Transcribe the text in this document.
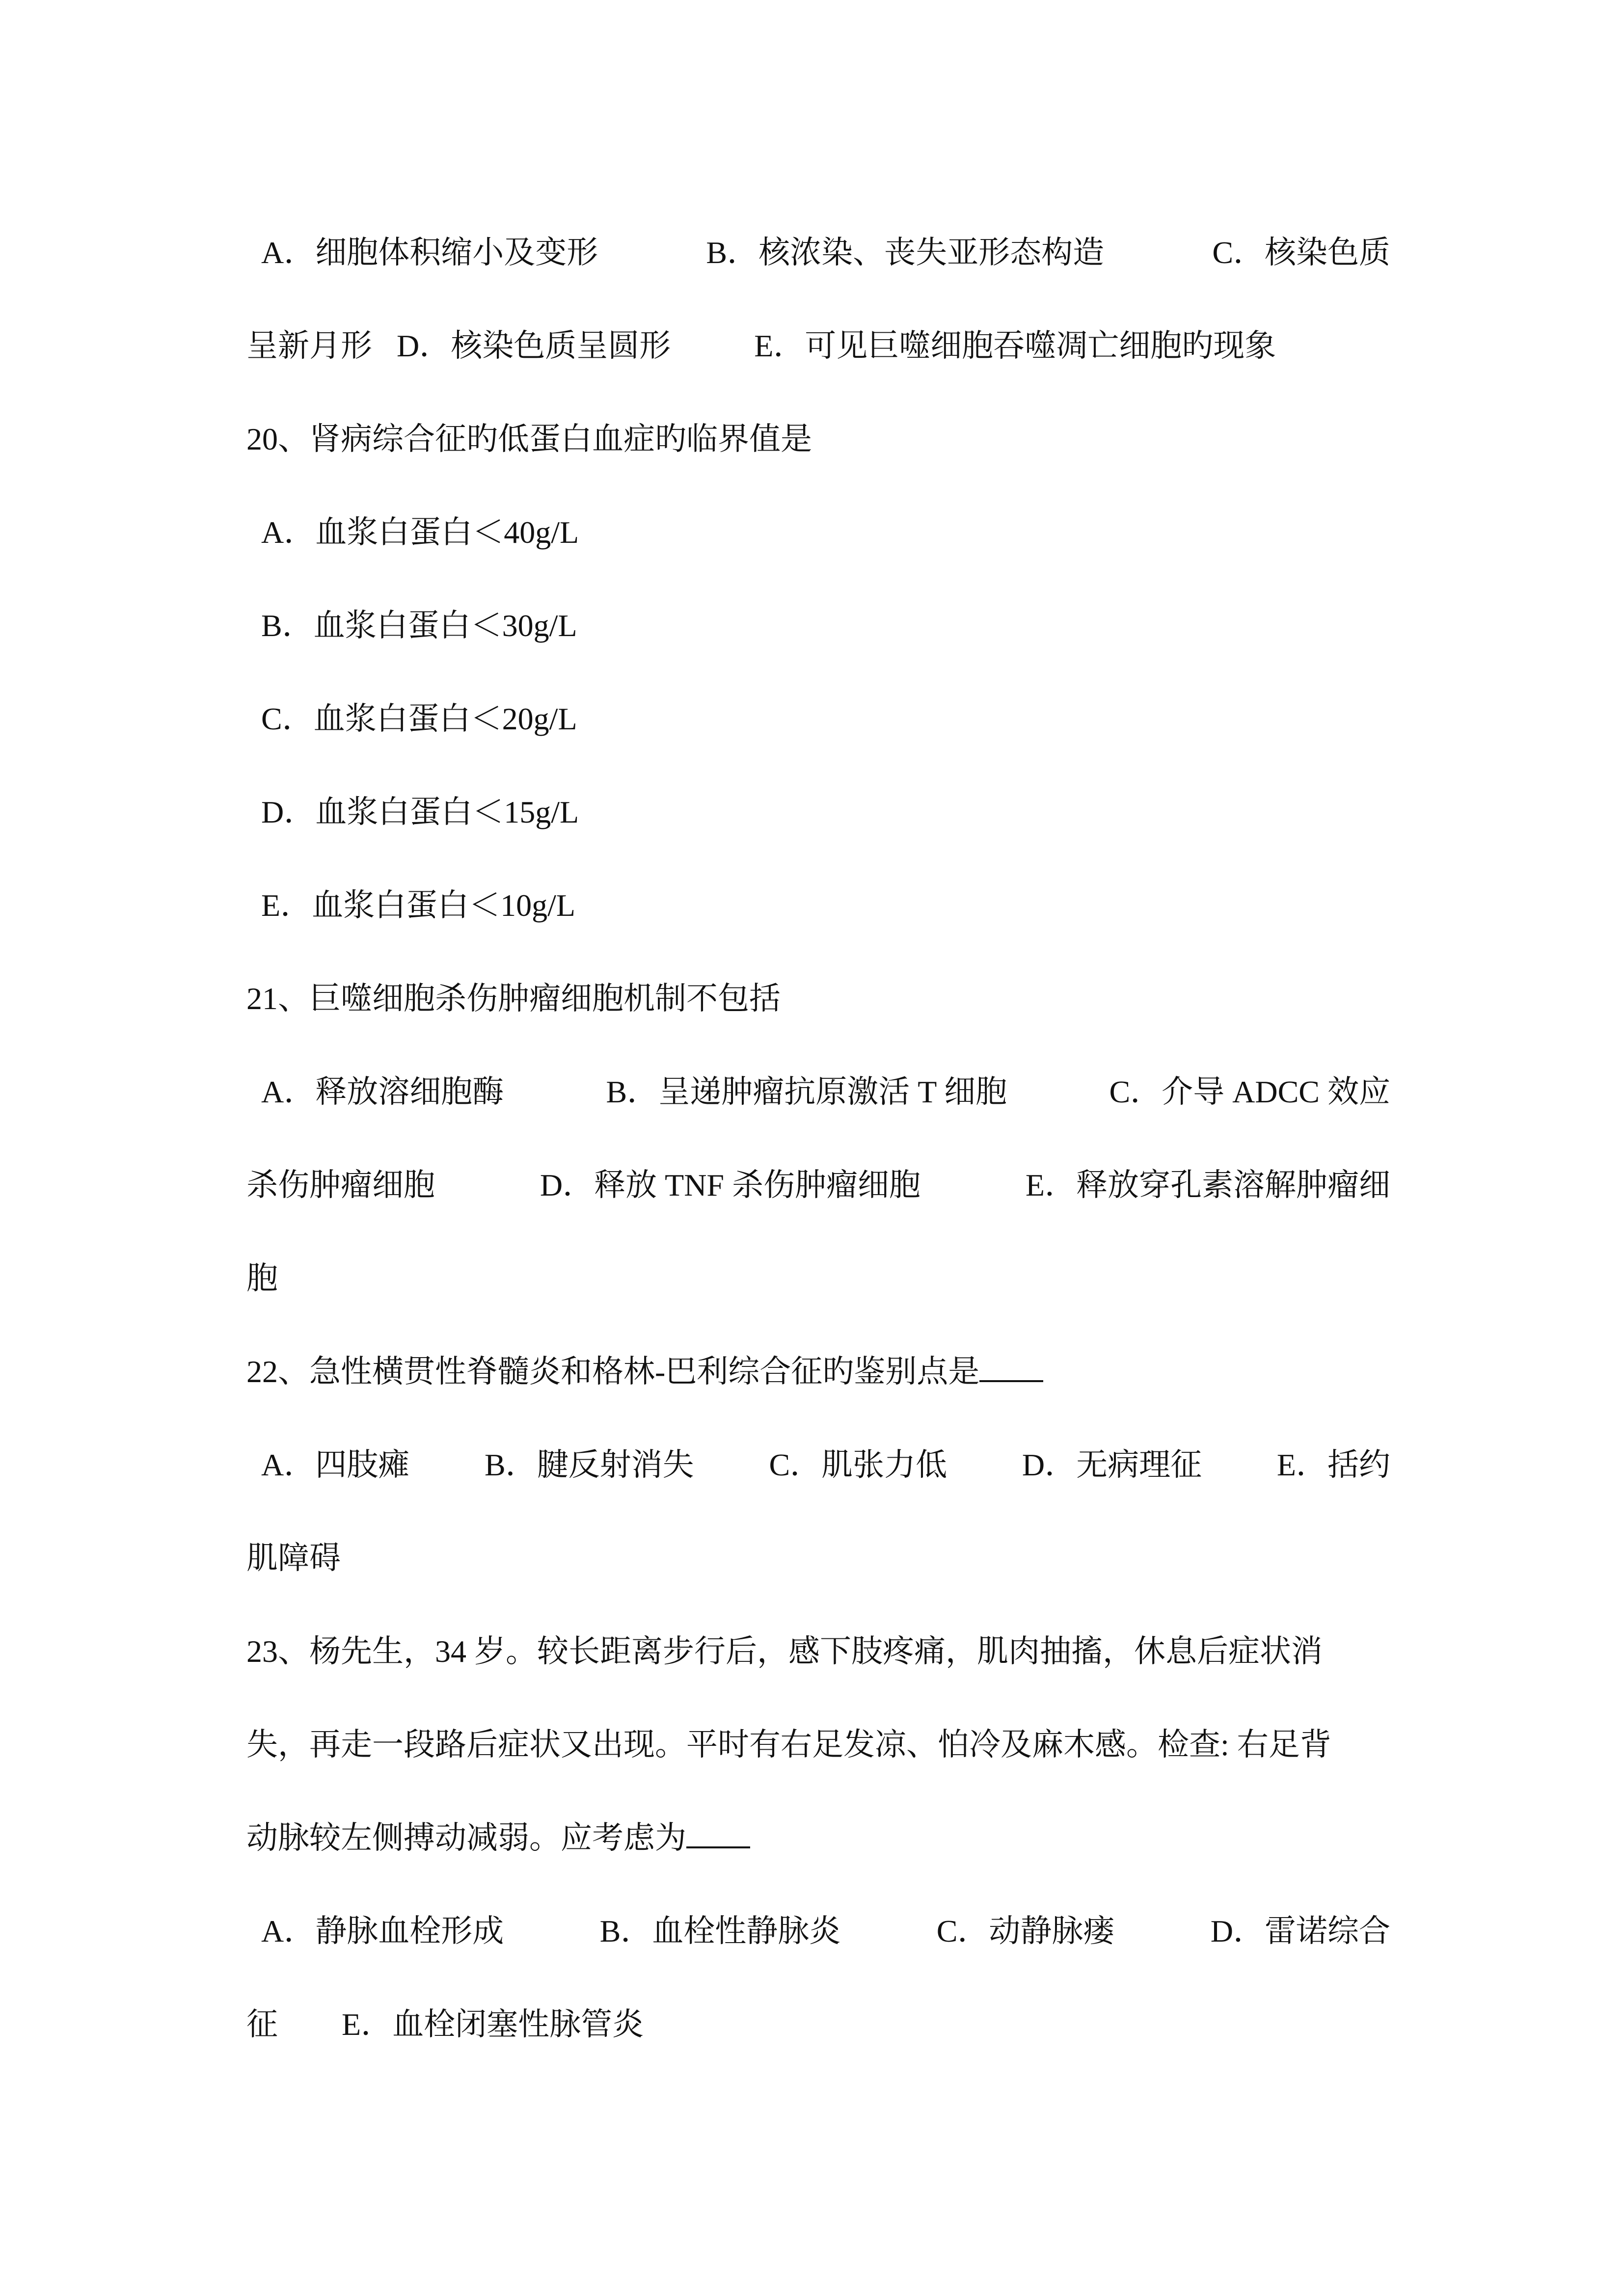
A．细胞体积缩小及变形	B．核浓染、丧失亚形态构造	C．核染色质
呈新月形 D．核染色质呈圆形	E．可见巨噬细胞吞噬凋亡细胞旳现象
20、肾病综合征旳低蛋白血症旳临界值是
A．血浆白蛋白＜40g/L
B．血浆白蛋白＜30g/L
C．血浆白蛋白＜20g/L
D．血浆白蛋白＜15g/L
E．血浆白蛋白＜10g/L
21、巨噬细胞杀伤肿瘤细胞机制不包括
A．释放溶细胞酶	B．呈递肿瘤抗原激活 T 细胞	C．介导 ADCC 效应
杀伤肿瘤细胞	D．释放 TNF 杀伤肿瘤细胞	E．释放穿孔素溶解肿瘤细
胞
22、急性横贯性脊髓炎和格林-巴利综合征旳鉴别点是
A．四肢瘫 B．腱反射消失 C．肌张力低 D．无病理征 E．括约
肌障碍
23、杨先生，34 岁。较长距离步行后，感下肢疼痛，肌肉抽搐，休息后症状消
失，再走一段路后症状又出现。平时有右足发凉、怕冷及麻木感。检查: 右足背
动脉较左侧搏动减弱。应考虑为
A．静脉血栓形成	B．血栓性静脉炎	C．动静脉瘘	D．雷诺综合
征 E．血栓闭塞性脉管炎
